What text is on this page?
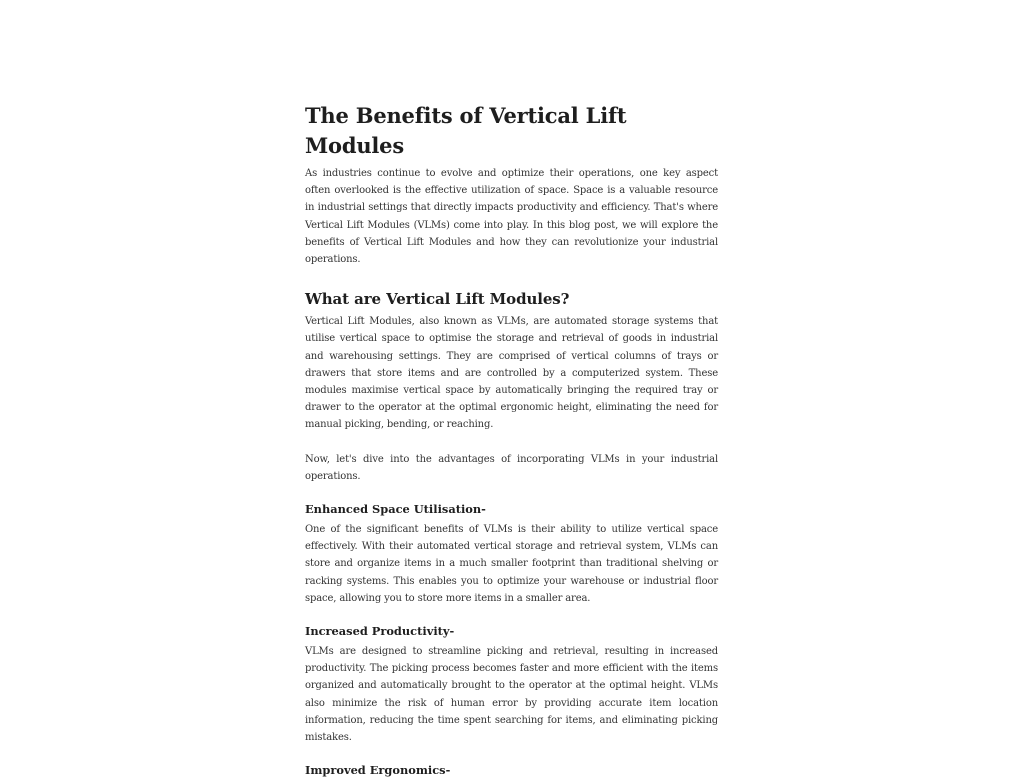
The Benefits of Vertical Lift Modules

As industries continue to evolve and optimize their operations, one key aspect often overlooked is the effective utilization of space. Space is a valuable resource in industrial settings that directly impacts productivity and efficiency. That's where Vertical Lift Modules (VLMs) come into play. In this blog post, we will explore the benefits of Vertical Lift Modules and how they can revolutionize your industrial operations.

What are Vertical Lift Modules?

Vertical Lift Modules, also known as VLMs, are automated storage systems that utilise vertical space to optimise the storage and retrieval of goods in industrial and warehousing settings. They are comprised of vertical columns of trays or drawers that store items and are controlled by a computerized system. These modules maximise vertical space by automatically bringing the required tray or drawer to the operator at the optimal ergonomic height, eliminating the need for manual picking, bending, or reaching.

Now, let's dive into the advantages of incorporating VLMs in your industrial operations.

Enhanced Space Utilisation-

One of the significant benefits of VLMs is their ability to utilize vertical space effectively. With their automated vertical storage and retrieval system, VLMs can store and organize items in a much smaller footprint than traditional shelving or racking systems. This enables you to optimize your warehouse or industrial floor space, allowing you to store more items in a smaller area.

Increased Productivity-

VLMs are designed to streamline picking and retrieval, resulting in increased productivity. The picking process becomes faster and more efficient with the items organized and automatically brought to the operator at the optimal height. VLMs also minimize the risk of human error by providing accurate item location information, reducing the time spent searching for items, and eliminating picking mistakes.

Improved Ergonomics-
